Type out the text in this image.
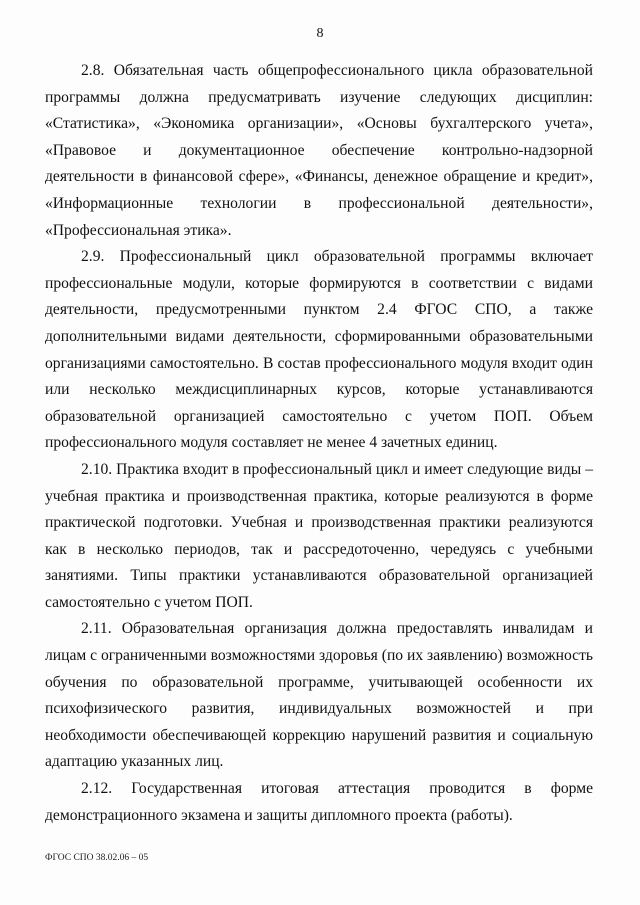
8

2.8. Обязательная часть общепрофессионального цикла образовательной программы должна предусматривать изучение следующих дисциплин: «Статистика», «Экономика организации», «Основы бухгалтерского учета», «Правовое и документационное обеспечение контрольно-надзорной деятельности в финансовой сфере», «Финансы, денежное обращение и кредит», «Информационные технологии в профессиональной деятельности», «Профессиональная этика».

2.9. Профессиональный цикл образовательной программы включает профессиональные модули, которые формируются в соответствии с видами деятельности, предусмотренными пунктом 2.4 ФГОС СПО, а также дополнительными видами деятельности, сформированными образовательными организациями самостоятельно. В состав профессионального модуля входит один или несколько междисциплинарных курсов, которые устанавливаются образовательной организацией самостоятельно с учетом ПОП. Объем профессионального модуля составляет не менее 4 зачетных единиц.

2.10. Практика входит в профессиональный цикл и имеет следующие виды – учебная практика и производственная практика, которые реализуются в форме практической подготовки. Учебная и производственная практики реализуются как в несколько периодов, так и рассредоточенно, чередуясь с учебными занятиями. Типы практики устанавливаются образовательной организацией самостоятельно с учетом ПОП.

2.11. Образовательная организация должна предоставлять инвалидам и лицам с ограниченными возможностями здоровья (по их заявлению) возможность обучения по образовательной программе, учитывающей особенности их психофизического развития, индивидуальных возможностей и при необходимости обеспечивающей коррекцию нарушений развития и социальную адаптацию указанных лиц.

2.12. Государственная итоговая аттестация проводится в форме демонстрационного экзамена и защиты дипломного проекта (работы).

ФГОС СПО 38.02.06 – 05
